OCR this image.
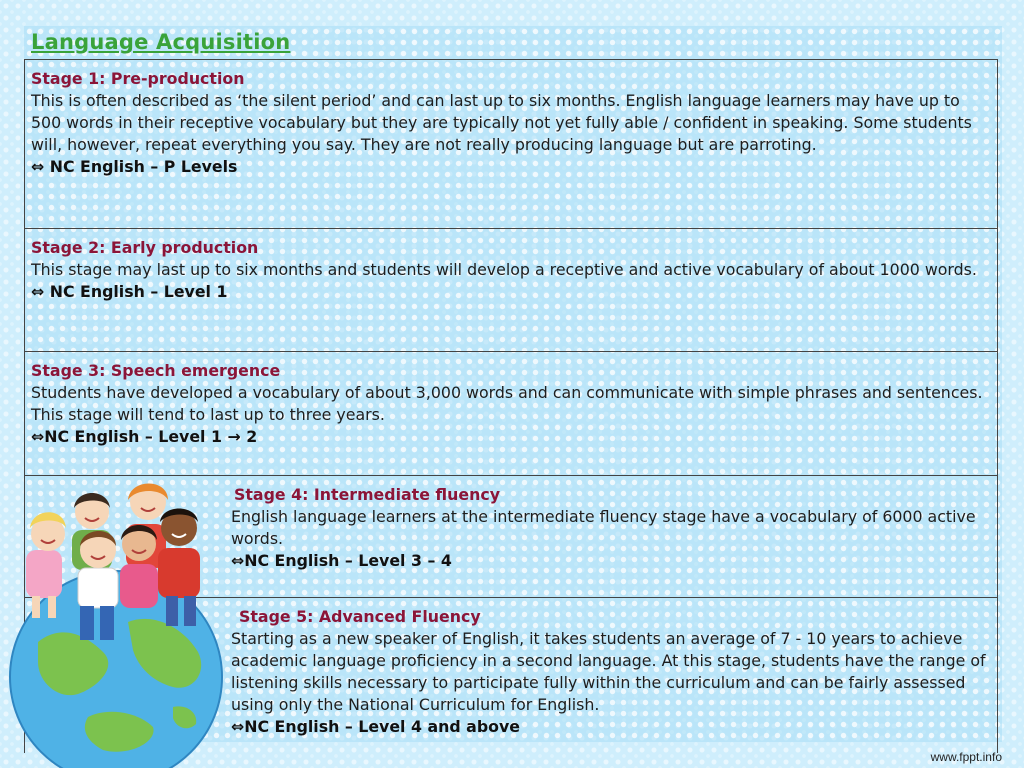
Language Acquisition
Stage 1: Pre-production
This is often described as ‘the silent period’ and can last up to six months. English language learners may have up to 500 words in their receptive vocabulary but they are typically not yet fully able / confident in speaking. Some students will, however, repeat everything you say. They are not really producing language but are parroting.
⇔ NC English – P Levels
Stage 2: Early production
This stage may last up to six months and students will develop a receptive and active vocabulary of about 1000 words.
⇔ NC English – Level 1
Stage 3: Speech emergence
Students have developed a vocabulary of about 3,000 words and can communicate with simple phrases and sentences. This stage will tend to last up to three years.
⇔NC English – Level 1 → 2
Stage 4: Intermediate fluency
English language learners at the intermediate fluency stage have a vocabulary of 6000 active words.
⇔NC English – Level 3 – 4
Stage 5: Advanced Fluency
Starting as a new speaker of English, it takes students an average of 7 - 10 years to achieve academic language proficiency in a second language. At this stage, students have the range of listening skills necessary to participate fully within the curriculum and can be fairly assessed using only the National Curriculum for English.
⇔NC English – Level 4 and above
www.fppt.info
